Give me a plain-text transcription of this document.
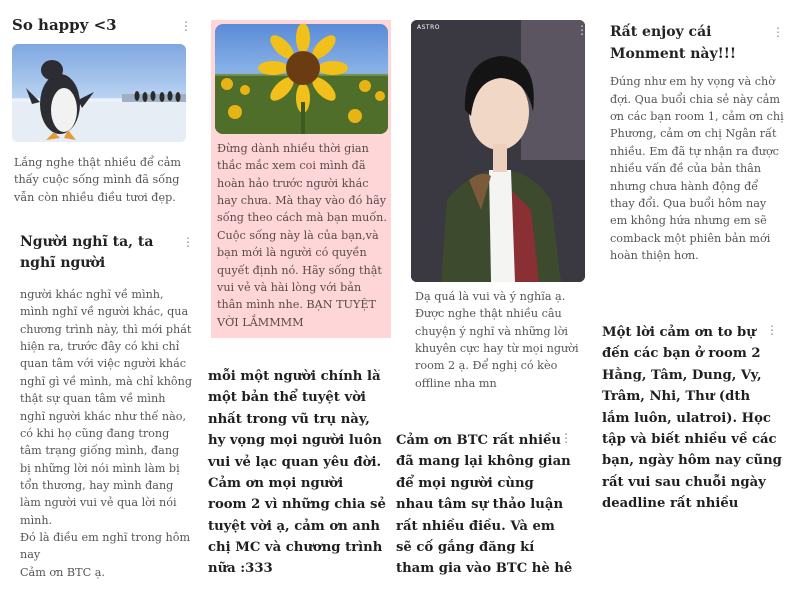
So happy <3
⋮
Lắng nghe thật nhiều để cảm thấy cuộc sống mình đã sống vẫn còn nhiều điều tươi đẹp.
Người nghĩ ta, ta nghĩ người
⋮
người khác nghĩ về mình, mình nghĩ về người khác, qua chương trình này, thì mới phát hiện ra, trước đây có khi chỉ quan tâm với việc người khác nghĩ gì về mình, mà chỉ không thật sự quan tâm về mình nghĩ người khác như thế nào, có khi họ cũng đang trong tâm trạng giống mình, đang bị những lời nói mình làm bị tổn thương, hay mình đang làm người vui vẻ qua lời nói mình.
Đó là điều em nghĩ trong hôm nay
Cảm ơn BTC ạ.
⋮
Đừng dành nhiều thời gian thắc mắc xem coi mình đã hoàn hảo trước người khác hay chưa. Mà thay vào đó hãy sống theo cách mà bạn muốn. Cuộc sống này là của bạn,và bạn mới là người có quyền quyết định nó. Hãy sống thật vui vẻ và hài lòng với bản thân mình nhe. BẠN TUYỆT VỜI LẮMMMM
⋮
mỗi một người chính là một bản thể tuyệt vời nhất trong vũ trụ này, hy vọng mọi người luôn vui vẻ lạc quan yêu đời. Cảm ơn mọi người room 2 vì những chia sẻ tuyệt vời ạ, cảm ơn anh chị MC và chương trình nữa :333
ASTRO
⋮
Dạ quá là vui và ý nghĩa ạ. Được nghe thật nhiều câu chuyện ý nghĩ và những lời khuyên cực hay từ mọi người room 2 ạ. Để nghị có kèo offline nha mn
⋮
Cảm ơn BTC rất nhiều đã mang lại không gian để mọi người cùng nhau tâm sự thảo luận rất nhiều điều. Và em sẽ cố gắng đăng kí tham gia vào BTC hè hê
Rất enjoy cái Monment này!!!
⋮
Đúng như em hy vọng và chờ đợi. Qua buổi chia sẻ này cảm ơn các bạn room 1, cảm ơn chị Phương, cảm ơn chị Ngân rất nhiều. Em đã tự nhận ra được nhiều vấn đề của bản thân nhưng chưa hành động để thay đổi. Qua buổi hôm nay em không hứa nhưng em sẽ comback một phiên bản mới hoàn thiện hơn.
⋮
Một lời cảm ơn to bự đến các bạn ở room 2 Hằng, Tâm, Dung, Vy, Trâm, Nhi, Thư (dth lắm luôn, ulatroi). Học tập và biết nhiều về các bạn, ngày hôm nay cũng rất vui sau chuỗi ngày deadline rất nhiều
